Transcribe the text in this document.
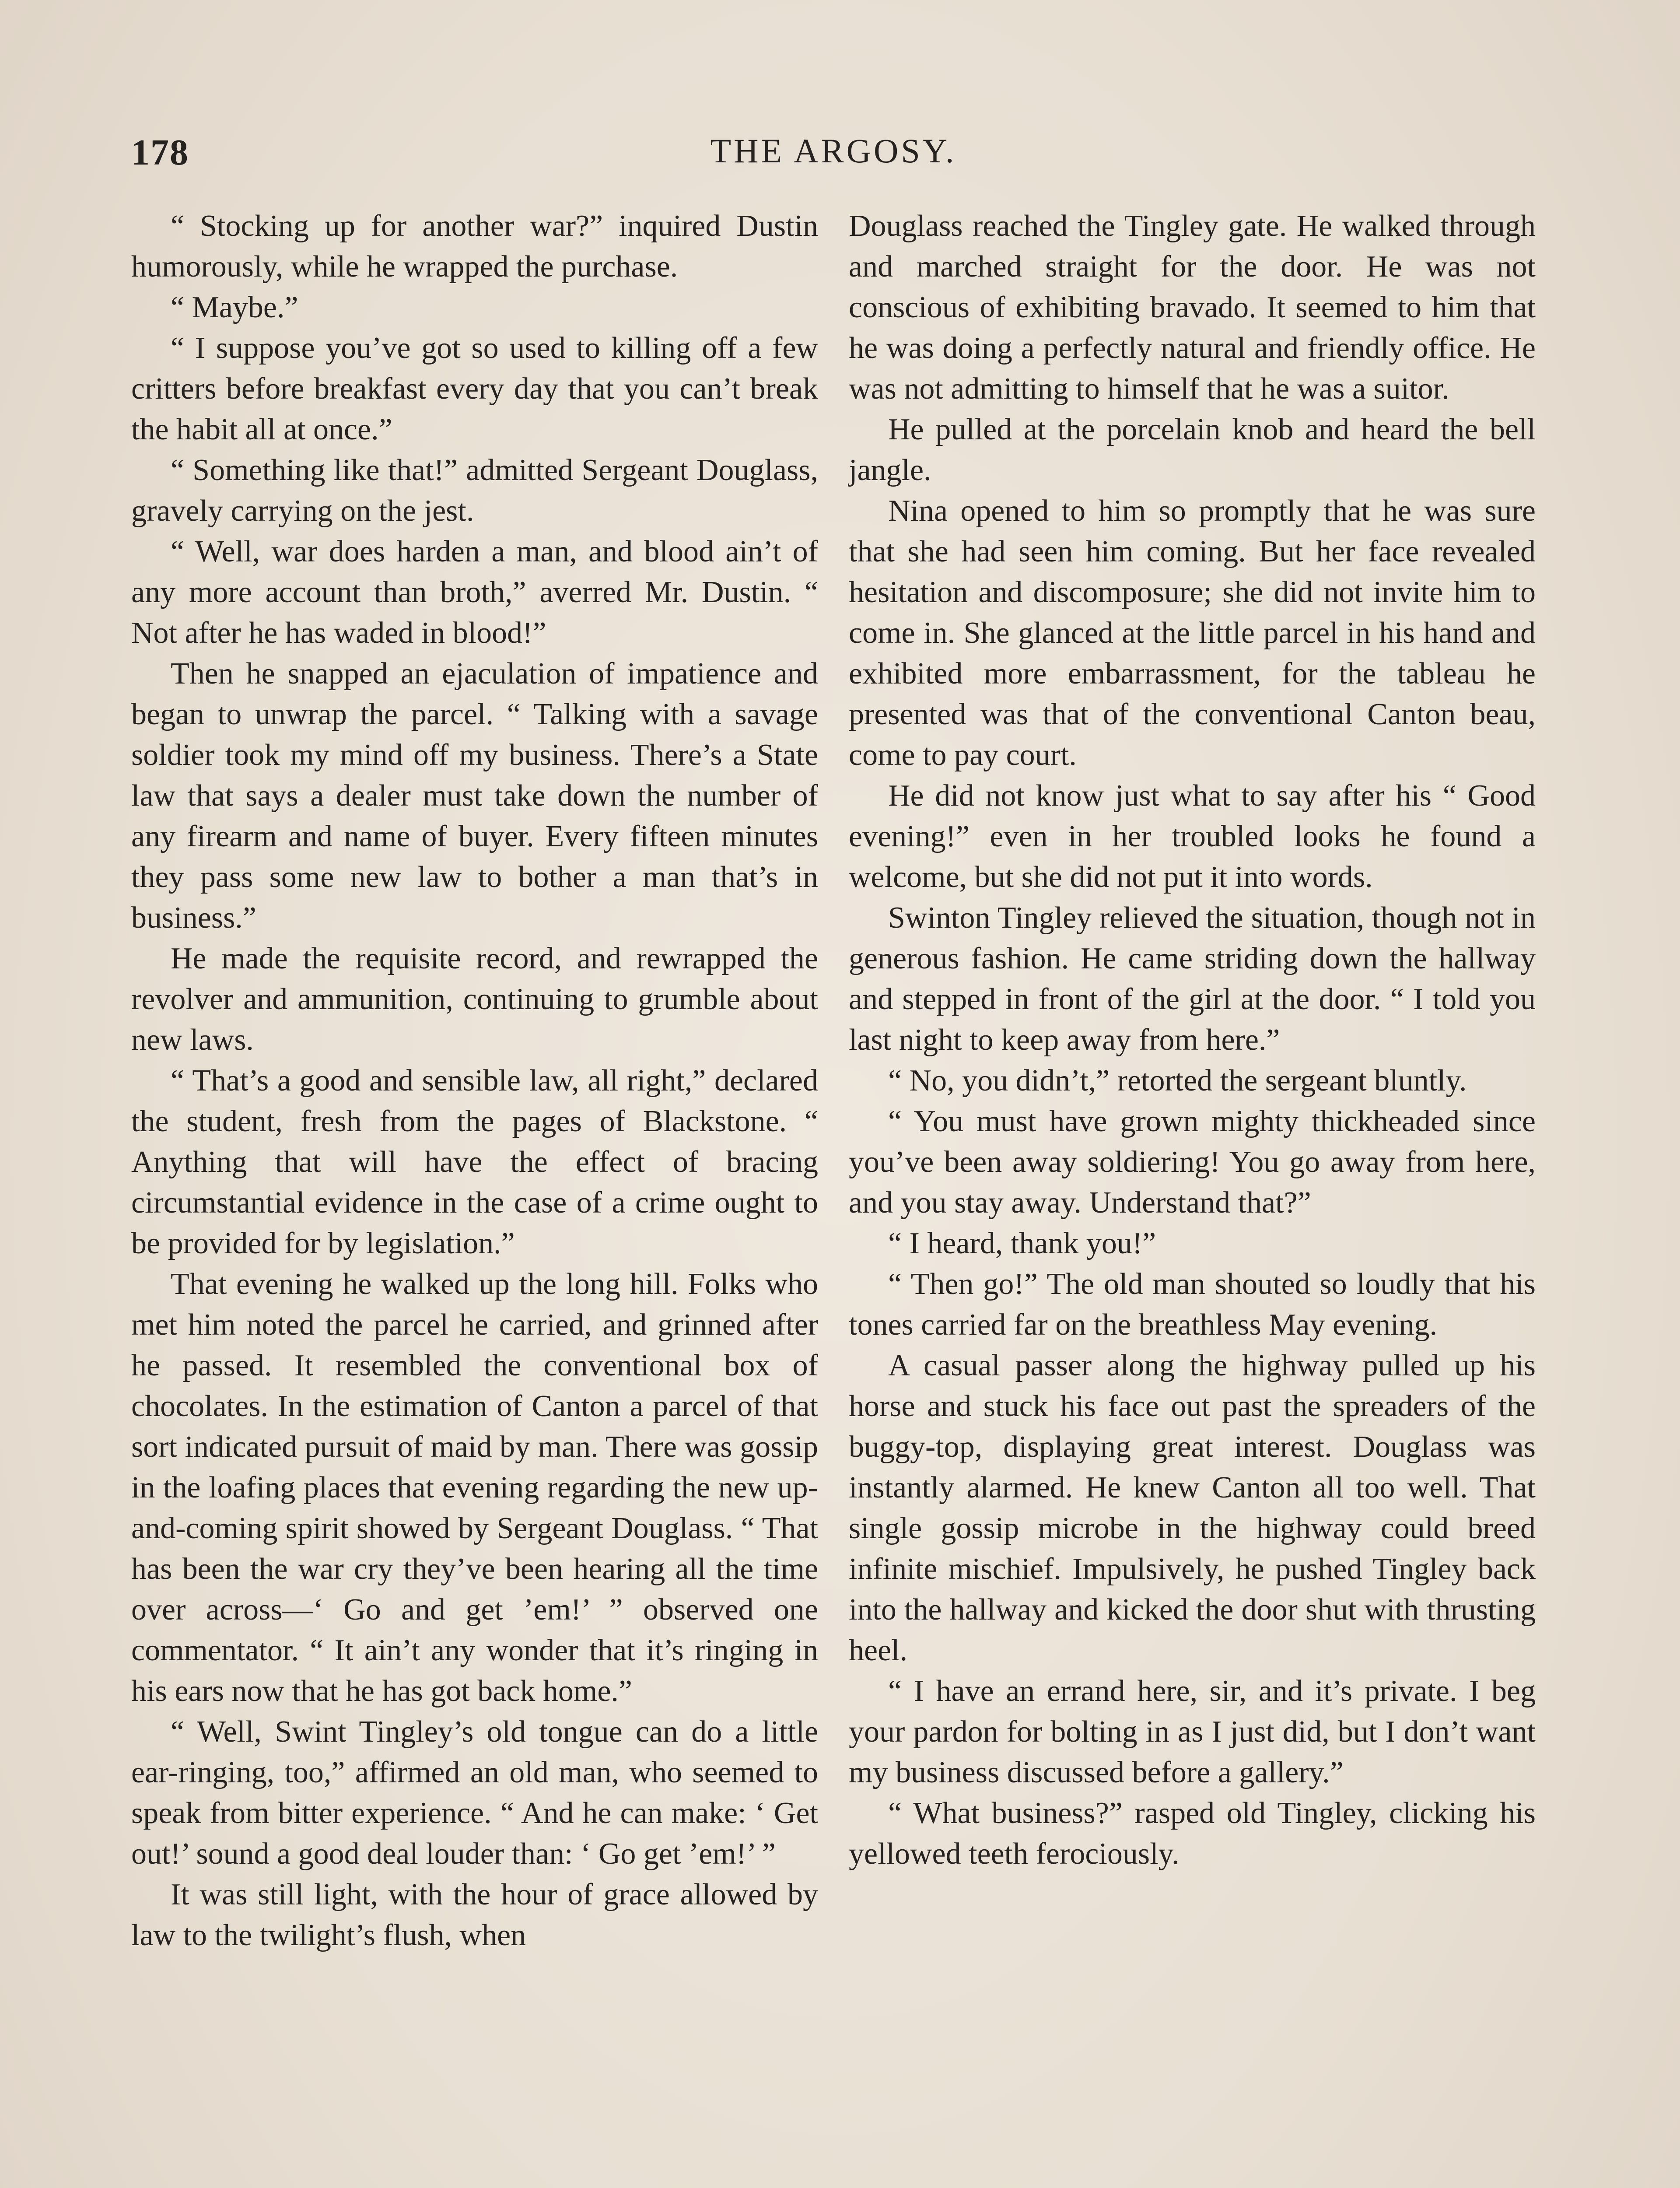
178	THE ARGOSY.

“ Stocking up for another war?” inquired Dustin humorously, while he wrapped the purchase.

“ Maybe.”

“ I suppose you’ve got so used to killing off a few critters before breakfast every day that you can’t break the habit all at once.”

“ Something like that!” admitted Sergeant Douglass, gravely carrying on the jest.

“ Well, war does harden a man, and blood ain’t of any more account than broth,” averred Mr. Dustin. “ Not after he has waded in blood!”

Then he snapped an ejaculation of impatience and began to unwrap the parcel. “ Talking with a savage soldier took my mind off my business. There’s a State law that says a dealer must take down the number of any firearm and name of buyer. Every fifteen minutes they pass some new law to bother a man that’s in business.”

He made the requisite record, and rewrapped the revolver and ammunition, continuing to grumble about new laws.

“ That’s a good and sensible law, all right,” declared the student, fresh from the pages of Blackstone. “ Anything that will have the effect of bracing circumstantial evidence in the case of a crime ought to be provided for by legislation.”

That evening he walked up the long hill. Folks who met him noted the parcel he carried, and grinned after he passed. It resembled the conventional box of chocolates. In the estimation of Canton a parcel of that sort indicated pursuit of maid by man. There was gossip in the loafing places that evening regarding the new up-and-coming spirit showed by Sergeant Douglass. “ That has been the war cry they’ve been hearing all the time over across—‘ Go and get ’em!’ ” observed one commentator. “ It ain’t any wonder that it’s ringing in his ears now that he has got back home.”

“ Well, Swint Tingley’s old tongue can do a little ear-ringing, too,” affirmed an old man, who seemed to speak from bitter experience. “ And he can make: ‘ Get out!’ sound a good deal louder than: ‘ Go get ’em!’ ”

It was still light, with the hour of grace allowed by law to the twilight’s flush, when

Douglass reached the Tingley gate. He walked through and marched straight for the door. He was not conscious of exhibiting bravado. It seemed to him that he was doing a perfectly natural and friendly office. He was not admitting to himself that he was a suitor.

He pulled at the porcelain knob and heard the bell jangle.

Nina opened to him so promptly that he was sure that she had seen him coming. But her face revealed hesitation and discomposure; she did not invite him to come in. She glanced at the little parcel in his hand and exhibited more embarrassment, for the tableau he presented was that of the conventional Canton beau, come to pay court.

He did not know just what to say after his “ Good evening!” even in her troubled looks he found a welcome, but she did not put it into words.

Swinton Tingley relieved the situation, though not in generous fashion. He came striding down the hallway and stepped in front of the girl at the door. “ I told you last night to keep away from here.”

“ No, you didn’t,” retorted the sergeant bluntly.

“ You must have grown mighty thickheaded since you’ve been away soldiering! You go away from here, and you stay away. Understand that?”

“ I heard, thank you!”

“ Then go!” The old man shouted so loudly that his tones carried far on the breathless May evening.

A casual passer along the highway pulled up his horse and stuck his face out past the spreaders of the buggy-top, displaying great interest. Douglass was instantly alarmed. He knew Canton all too well. That single gossip microbe in the highway could breed infinite mischief. Impulsively, he pushed Tingley back into the hallway and kicked the door shut with thrusting heel.

“ I have an errand here, sir, and it’s private. I beg your pardon for bolting in as I just did, but I don’t want my business discussed before a gallery.”

“ What business?” rasped old Tingley, clicking his yellowed teeth ferociously.
